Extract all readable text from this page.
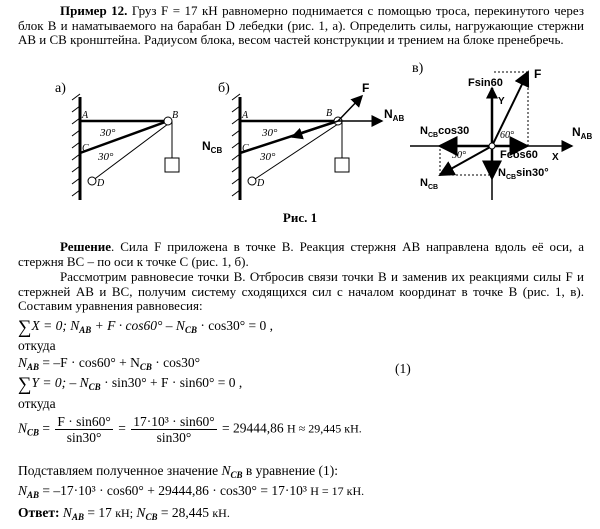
Пример 12. Груз F = 17 кН равномерно поднимается с помощью троса, перекинутого через блок B и наматываемого на барабан D лебедки (рис. 1, а). Определить силы, нагружающие стержни AB и CB кронштейна. Радиусом блока, весом частей конструкции и трением на блоке пренебречь.
а)
A
C
D
B
30°
30°
б)
A
C
D
B
30°
30°
F
$N_{AB}$
$N_{CB}$
в)
Y
$N_{AB}$
F
Fsin60
$N_{CB}\cos 30$
Fcos60
$N_{CB}\sin 30^\circ$
$N_{CB}$
30°
60°
X
Рис. 1
Решение. Сила F приложена в точке B. Реакция стержня AB направлена вдоль её оси, а стержня BC – по оси к точке C (рис. 1, б).
Рассмотрим равновесие точки B. Отбросив связи точки B и заменив их реакциями силы F и стержней AB и BC, получим систему сходящихся сил с началом координат в точке B (рис. 1, в). Составим уравнения равновесия:
∑X = 0; $N_{AB} + F \cdot \cos 60^\circ - N_{CB} \cdot \cos 30^\circ = 0$ ,
откуда
$N_{AB} = -F \cdot \cos 60^\circ + N_{CB} \cdot \cos 30^\circ$	(1)
∑Y = 0; – $N_{CB} \cdot \sin 30^\circ + F \cdot \sin 60^\circ = 0$ ,
откуда
$N_{CB} = \frac{F \cdot \sin 60^\circ}{\sin 30^\circ} = \frac{\text{17·10³ · sin60°}}{\sin 30^\circ} = 29444,86$ Н ≈ 29,445 кН.
Подставляем полученное значение $N_{CB}$ в уравнение (1):
$N_{AB} = -17\cdot 10^3 \cdot \cos 60^\circ + 29444,86 \cdot \cos 30^\circ = 17\cdot 10^3$ Н = 17 кН.
Ответ: $N_{AB} = 17$ кН; $N_{CB} = 28,445$ кН.
